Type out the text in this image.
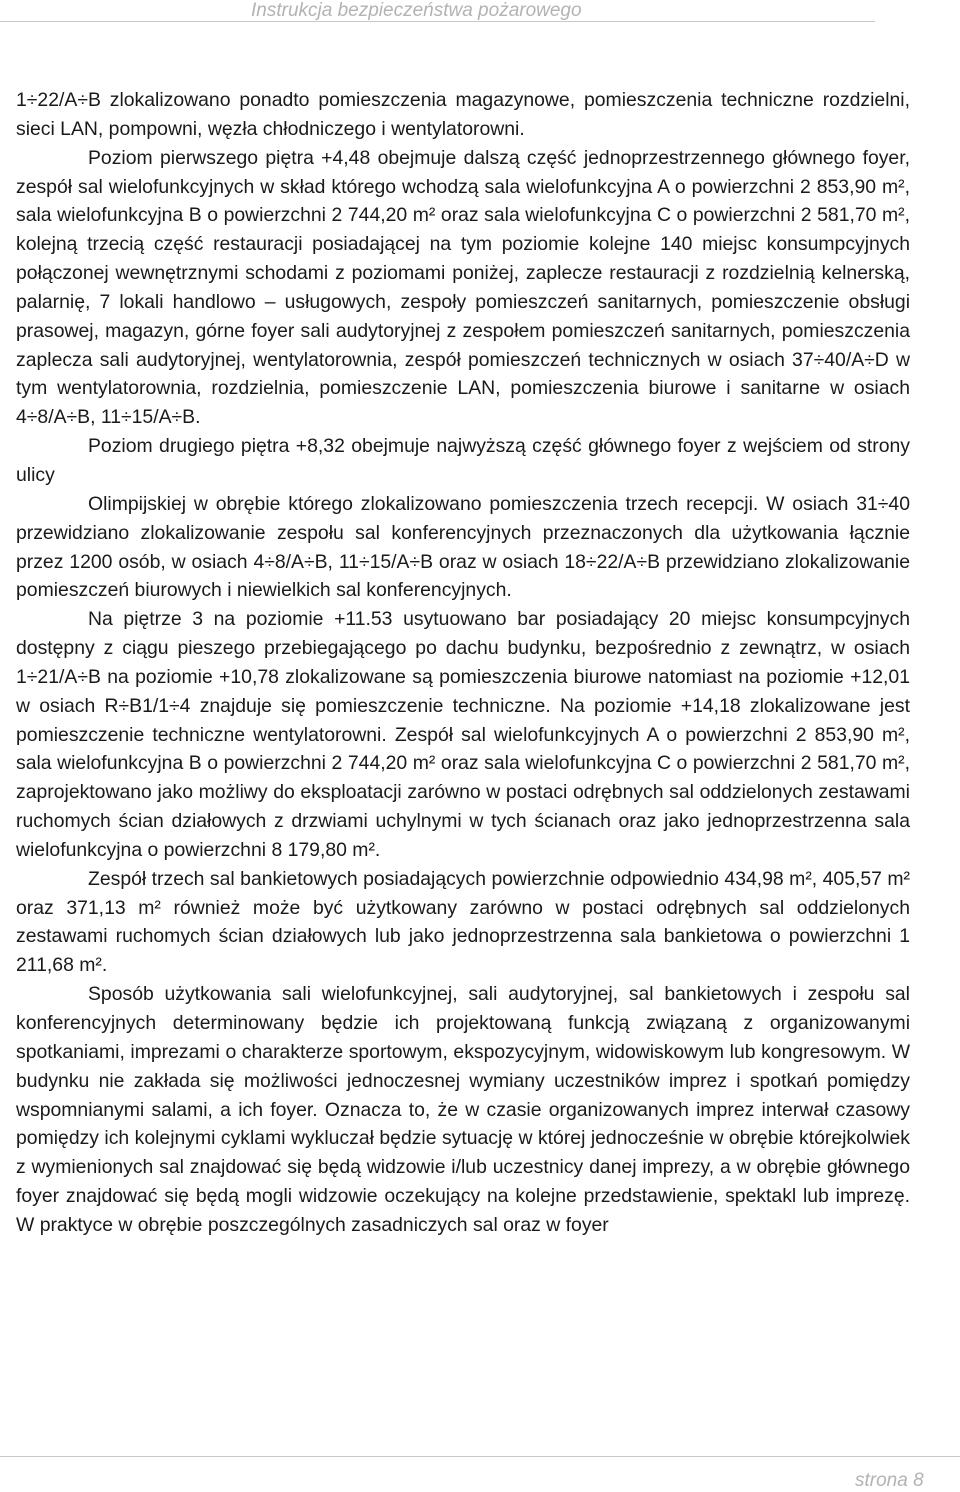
Instrukcja bezpieczeństwa pożarowego

1÷22/A÷B zlokalizowano ponadto pomieszczenia magazynowe, pomieszczenia techniczne rozdzielni, sieci LAN, pompowni, węzła chłodniczego i wentylatorowni.

Poziom pierwszego piętra +4,48 obejmuje dalszą część jednoprzestrzennego głównego foyer, zespół sal wielofunkcyjnych w skład którego wchodzą sala wielofunkcyjna A o powierzchni 2 853,90 m², sala wielofunkcyjna B o powierzchni 2 744,20 m² oraz sala wielofunkcyjna C o powierzchni 2 581,70 m², kolejną trzecią część restauracji posiadającej na tym poziomie kolejne 140 miejsc konsumpcyjnych połączonej wewnętrznymi schodami z poziomami poniżej, zaplecze restauracji z rozdzielnią kelnerską, palarnię, 7 lokali handlowo – usługowych, zespoły pomieszczeń sanitarnych, pomieszczenie obsługi prasowej, magazyn, górne foyer sali audytoryjnej z zespołem pomieszczeń sanitarnych, pomieszczenia zaplecza sali audytoryjnej, wentylatorownia, zespół pomieszczeń technicznych w osiach 37÷40/A÷D w tym wentylatorownia, rozdzielnia, pomieszczenie LAN, pomieszczenia biurowe i sanitarne w osiach 4÷8/A÷B, 11÷15/A÷B.

Poziom drugiego piętra +8,32 obejmuje najwyższą część głównego foyer z wejściem od strony ulicy

Olimpijskiej w obrębie którego zlokalizowano pomieszczenia trzech recepcji. W osiach 31÷40 przewidziano zlokalizowanie zespołu sal konferencyjnych przeznaczonych dla użytkowania łącznie przez 1200 osób, w osiach 4÷8/A÷B, 11÷15/A÷B oraz w osiach 18÷22/A÷B przewidziano zlokalizowanie pomieszczeń biurowych i niewielkich sal konferencyjnych.

Na piętrze 3 na poziomie +11.53 usytuowano bar posiadający 20 miejsc konsumpcyjnych dostępny z ciągu pieszego przebiegającego po dachu budynku, bezpośrednio z zewnątrz, w osiach 1÷21/A÷B na poziomie +10,78 zlokalizowane są pomieszczenia biurowe natomiast na poziomie +12,01 w osiach R÷B1/1÷4 znajduje się pomieszczenie techniczne. Na poziomie +14,18 zlokalizowane jest pomieszczenie techniczne wentylatorowni. Zespół sal wielofunkcyjnych A o powierzchni 2 853,90 m², sala wielofunkcyjna B o powierzchni 2 744,20 m² oraz sala wielofunkcyjna C o powierzchni 2 581,70 m², zaprojektowano jako możliwy do eksploatacji zarówno w postaci odrębnych sal oddzielonych zestawami ruchomych ścian działowych z drzwiami uchylnymi w tych ścianach oraz jako jednoprzestrzenna sala wielofunkcyjna o powierzchni 8 179,80 m².

Zespół trzech sal bankietowych posiadających powierzchnie odpowiednio 434,98 m², 405,57 m² oraz 371,13 m² również może być użytkowany zarówno w postaci odrębnych sal oddzielonych zestawami ruchomych ścian działowych lub jako jednoprzestrzenna sala bankietowa o powierzchni 1 211,68 m².

Sposób użytkowania sali wielofunkcyjnej, sali audytoryjnej, sal bankietowych i zespołu sal konferencyjnych determinowany będzie ich projektowaną funkcją związaną z organizowanymi spotkaniami, imprezami o charakterze sportowym, ekspozycyjnym, widowiskowym lub kongresowym. W budynku nie zakłada się możliwości jednoczesnej wymiany uczestników imprez i spotkań pomiędzy wspomnianymi salami, a ich foyer. Oznacza to, że w czasie organizowanych imprez interwał czasowy pomiędzy ich kolejnymi cyklami wykluczał będzie sytuację w której jednocześnie w obrębie którejkolwiek z wymienionych sal znajdować się będą widzowie i/lub uczestnicy danej imprezy, a w obrębie głównego foyer znajdować się będą mogli widzowie oczekujący na kolejne przedstawienie, spektakl lub imprezę. W praktyce w obrębie poszczególnych zasadniczych sal oraz w foyer

strona 8
